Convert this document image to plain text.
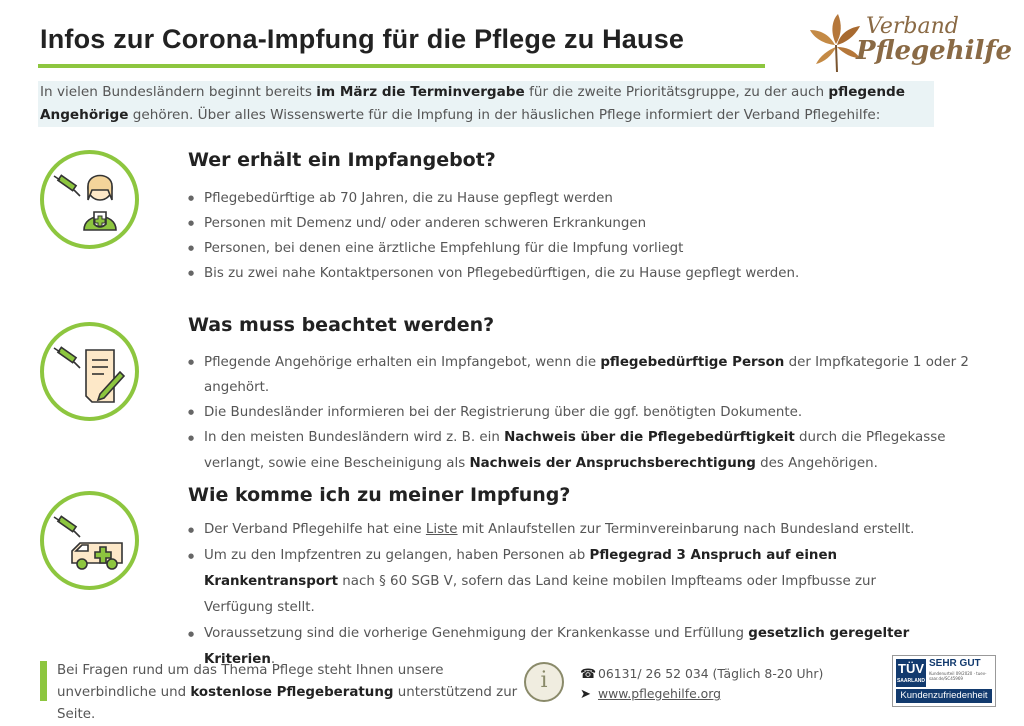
Infos zur Corona-Impfung für die Pflege zu Hause	Verband
Pflegehilfe
In vielen Bundesländern beginnt bereits im März die Terminvergabe für die zweite Prioritätsgruppe, zu der auch pflegende Angehörige gehören. Über alles Wissenswerte für die Impfung in der häuslichen Pflege informiert der Verband Pflegehilfe:
Wer erhält ein Impfangebot?
● Pflegebedürftige ab 70 Jahren, die zu Hause gepflegt werden
● Personen mit Demenz und/ oder anderen schweren Erkrankungen
● Personen, bei denen eine ärztliche Empfehlung für die Impfung vorliegt
● Bis zu zwei nahe Kontaktpersonen von Pflegebedürftigen, die zu Hause gepflegt werden.
Was muss beachtet werden?
● Pflegende Angehörige erhalten ein Impfangebot, wenn die pflegebedürftige Person der Impfkategorie 1 oder 2 angehört.
● Die Bundesländer informieren bei der Registrierung über die ggf. benötigten Dokumente.
● In den meisten Bundesländern wird z. B. ein Nachweis über die Pflegebedürftigkeit durch die Pflegekasse verlangt, sowie eine Bescheinigung als Nachweis der Anspruchsberechtigung des Angehörigen.
Wie komme ich zu meiner Impfung?
● Der Verband Pflegehilfe hat eine Liste mit Anlaufstellen zur Terminvereinbarung nach Bundesland erstellt.
● Um zu den Impfzentren zu gelangen, haben Personen ab Pflegegrad 3 Anspruch auf einen Krankentransport nach § 60 SGB V, sofern das Land keine mobilen Impfteams oder Impfbusse zur Verfügung stellt.
● Voraussetzung sind die vorherige Genehmigung der Krankenkasse und Erfüllung gesetzlich geregelter Kriterien.
Bei Fragen rund um das Thema Pflege steht Ihnen unsere unverbindliche und kostenlose Pflegeberatung unterstützend zur Seite.
i	☎ 06131/ 26 52 034 (Täglich 8-20 Uhr)
➤ www.pflegehilfe.org
TÜV
SAARLAND
SEHR GUT
Kundenurteil 09/2020 · tuev-saar.de/SC45969
Kundenzufriedenheit
